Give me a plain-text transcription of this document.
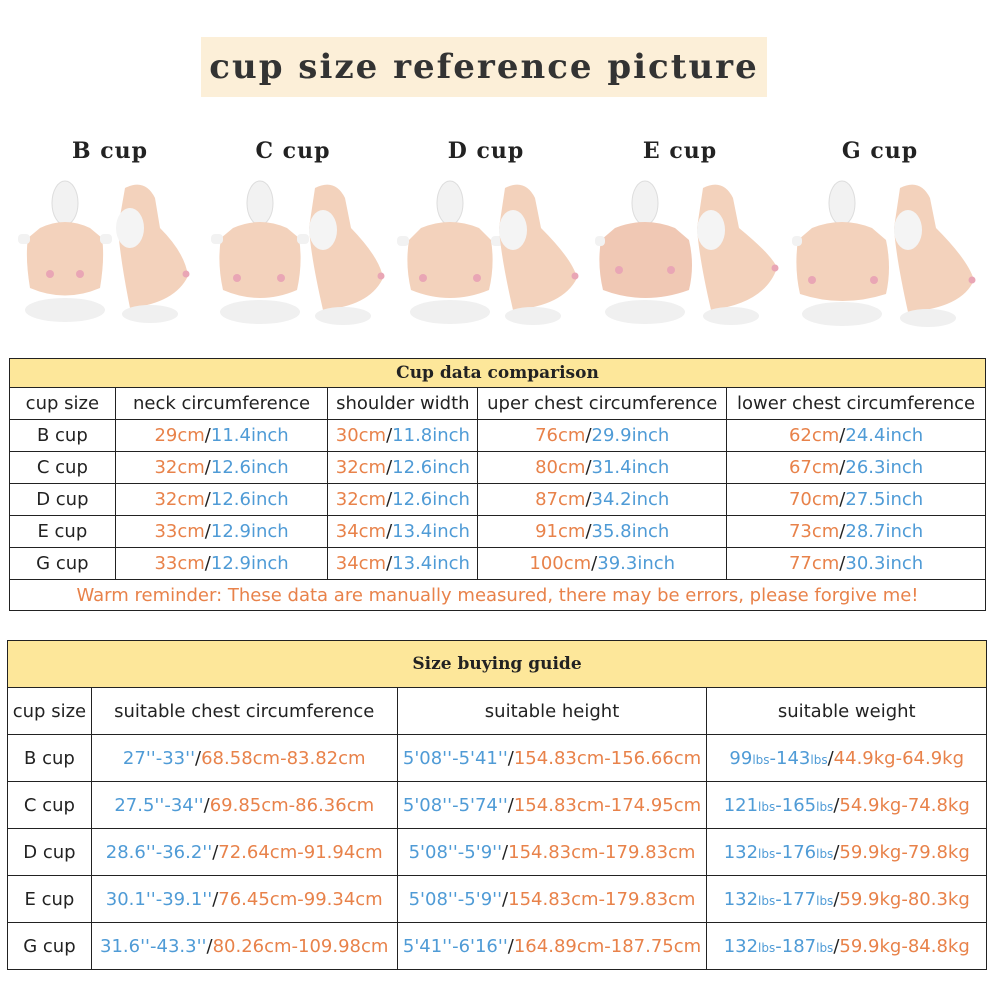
cup size reference picture
B cup	C cup	D cup	E cup	G cup
Cup data comparison				
cup size	neck circumference	shoulder width	uper chest circumference	lower chest circumference
B cup	29cm/11.4inch	30cm/11.8inch	76cm/29.9inch	62cm/24.4inch
C cup	32cm/12.6inch	32cm/12.6inch	80cm/31.4inch	67cm/26.3inch
D cup	32cm/12.6inch	32cm/12.6inch	87cm/34.2inch	70cm/27.5inch
E cup	33cm/12.9inch	34cm/13.4inch	91cm/35.8inch	73cm/28.7inch
G cup	33cm/12.9inch	34cm/13.4inch	100cm/39.3inch	77cm/30.3inch
Warm reminder: These data are manually measured, there may be errors, please forgive me!				
Size buying guide			
cup size	suitable chest circumference	suitable height	suitable weight
B cup	27''-33''/68.58cm-83.82cm	5'08''-5'41''/154.83cm-156.66cm	99lbs-143lbs/44.9kg-64.9kg
C cup	27.5''-34''/69.85cm-86.36cm	5'08''-5'74''/154.83cm-174.95cm	121lbs-165lbs/54.9kg-74.8kg
D cup	28.6''-36.2''/72.64cm-91.94cm	5'08''-5'9''/154.83cm-179.83cm	132lbs-176lbs/59.9kg-79.8kg
E cup	30.1''-39.1''/76.45cm-99.34cm	5'08''-5'9''/154.83cm-179.83cm	132lbs-177lbs/59.9kg-80.3kg
G cup	31.6''-43.3''/80.26cm-109.98cm	5'41''-6'16''/164.89cm-187.75cm	132lbs-187lbs/59.9kg-84.8kg
